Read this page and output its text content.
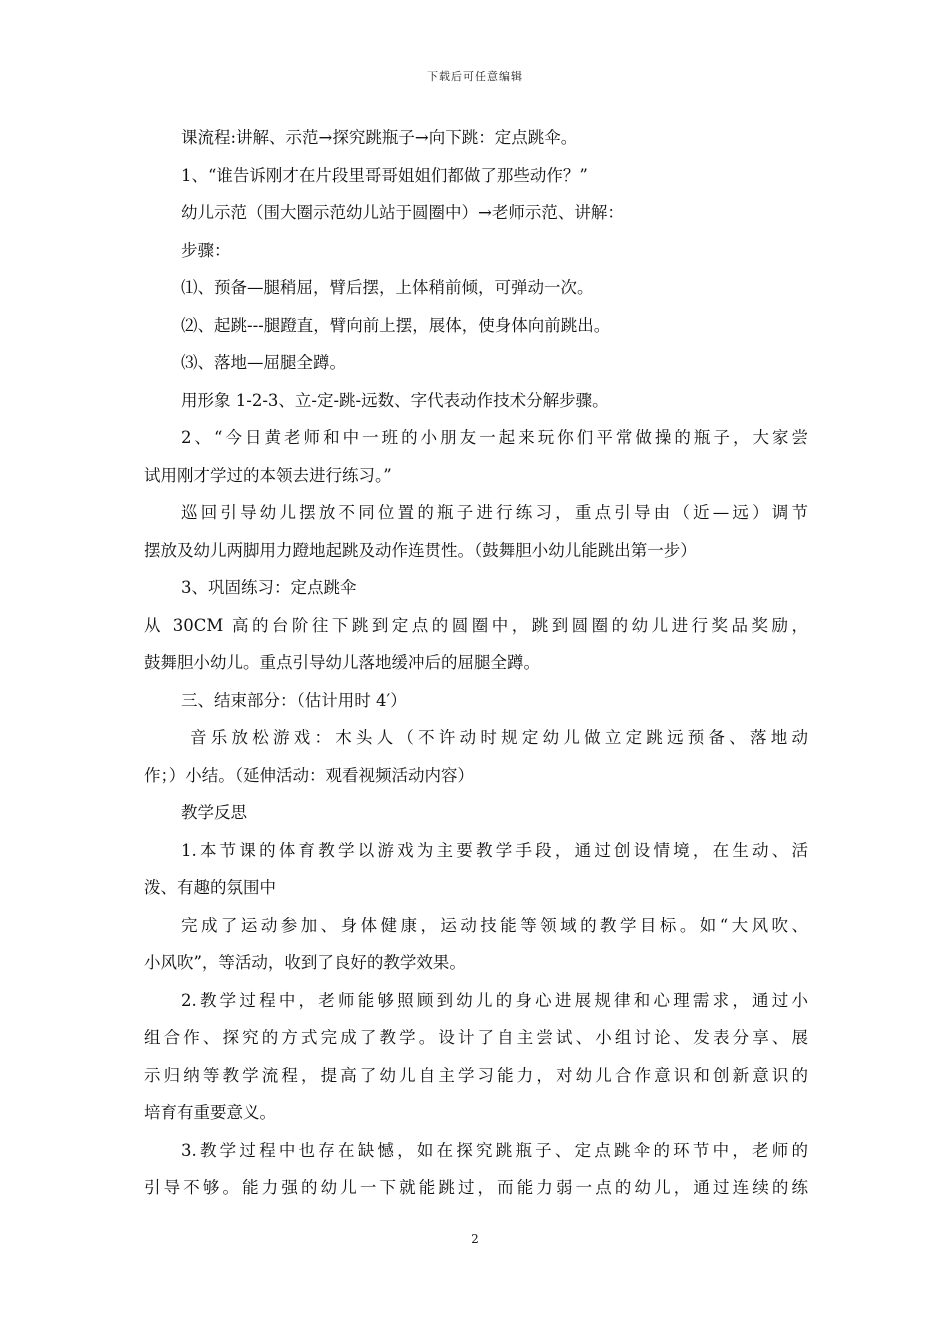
下载后可任意编辑
课流程:讲解、示范→探究跳瓶子→向下跳：定点跳伞。
1、“谁告诉刚才在片段里哥哥姐姐们都做了那些动作？”
幼儿示范（围大圈示范幼儿站于圆圈中）→老师示范、讲解：
步骤：
⑴、预备—腿稍屈，臂后摆，上体稍前倾，可弹动一次。
⑵、起跳---腿蹬直，臂向前上摆，展体，使身体向前跳出。
⑶、落地—屈腿全蹲。
用形象 1-2-3、立-定-跳-远数、字代表动作技术分解步骤。
2、“今日黄老师和中一班的小朋友一起来玩你们平常做操的瓶子，大家尝
试用刚才学过的本领去进行练习。”
巡回引导幼儿摆放不同位置的瓶子进行练习，重点引导由（近—远）调节
摆放及幼儿两脚用力蹬地起跳及动作连贯性。（鼓舞胆小幼儿能跳出第一步）
3、巩固练习：定点跳伞
从 30CM 高的台阶往下跳到定点的圆圈中，跳到圆圈的幼儿进行奖品奖励，
鼓舞胆小幼儿。重点引导幼儿落地缓冲后的屈腿全蹲。
三、结束部分：（估计用时 4′）
音乐放松游戏：木头人（不许动时规定幼儿做立定跳远预备、落地动
作；）小结。（延伸活动：观看视频活动内容）
教学反思
1.本节课的体育教学以游戏为主要教学手段，通过创设情境，在生动、活
泼、有趣的氛围中
完成了运动参加、身体健康，运动技能等领域的教学目标。如“大风吹、
小风吹”，等活动，收到了良好的教学效果。
2.教学过程中，老师能够照顾到幼儿的身心进展规律和心理需求，通过小
组合作、探究的方式完成了教学。设计了自主尝试、小组讨论、发表分享、展
示归纳等教学流程，提高了幼儿自主学习能力，对幼儿合作意识和创新意识的
培育有重要意义。
3.教学过程中也存在缺憾，如在探究跳瓶子、定点跳伞的环节中，老师的
引导不够。能力强的幼儿一下就能跳过，而能力弱一点的幼儿，通过连续的练
2
